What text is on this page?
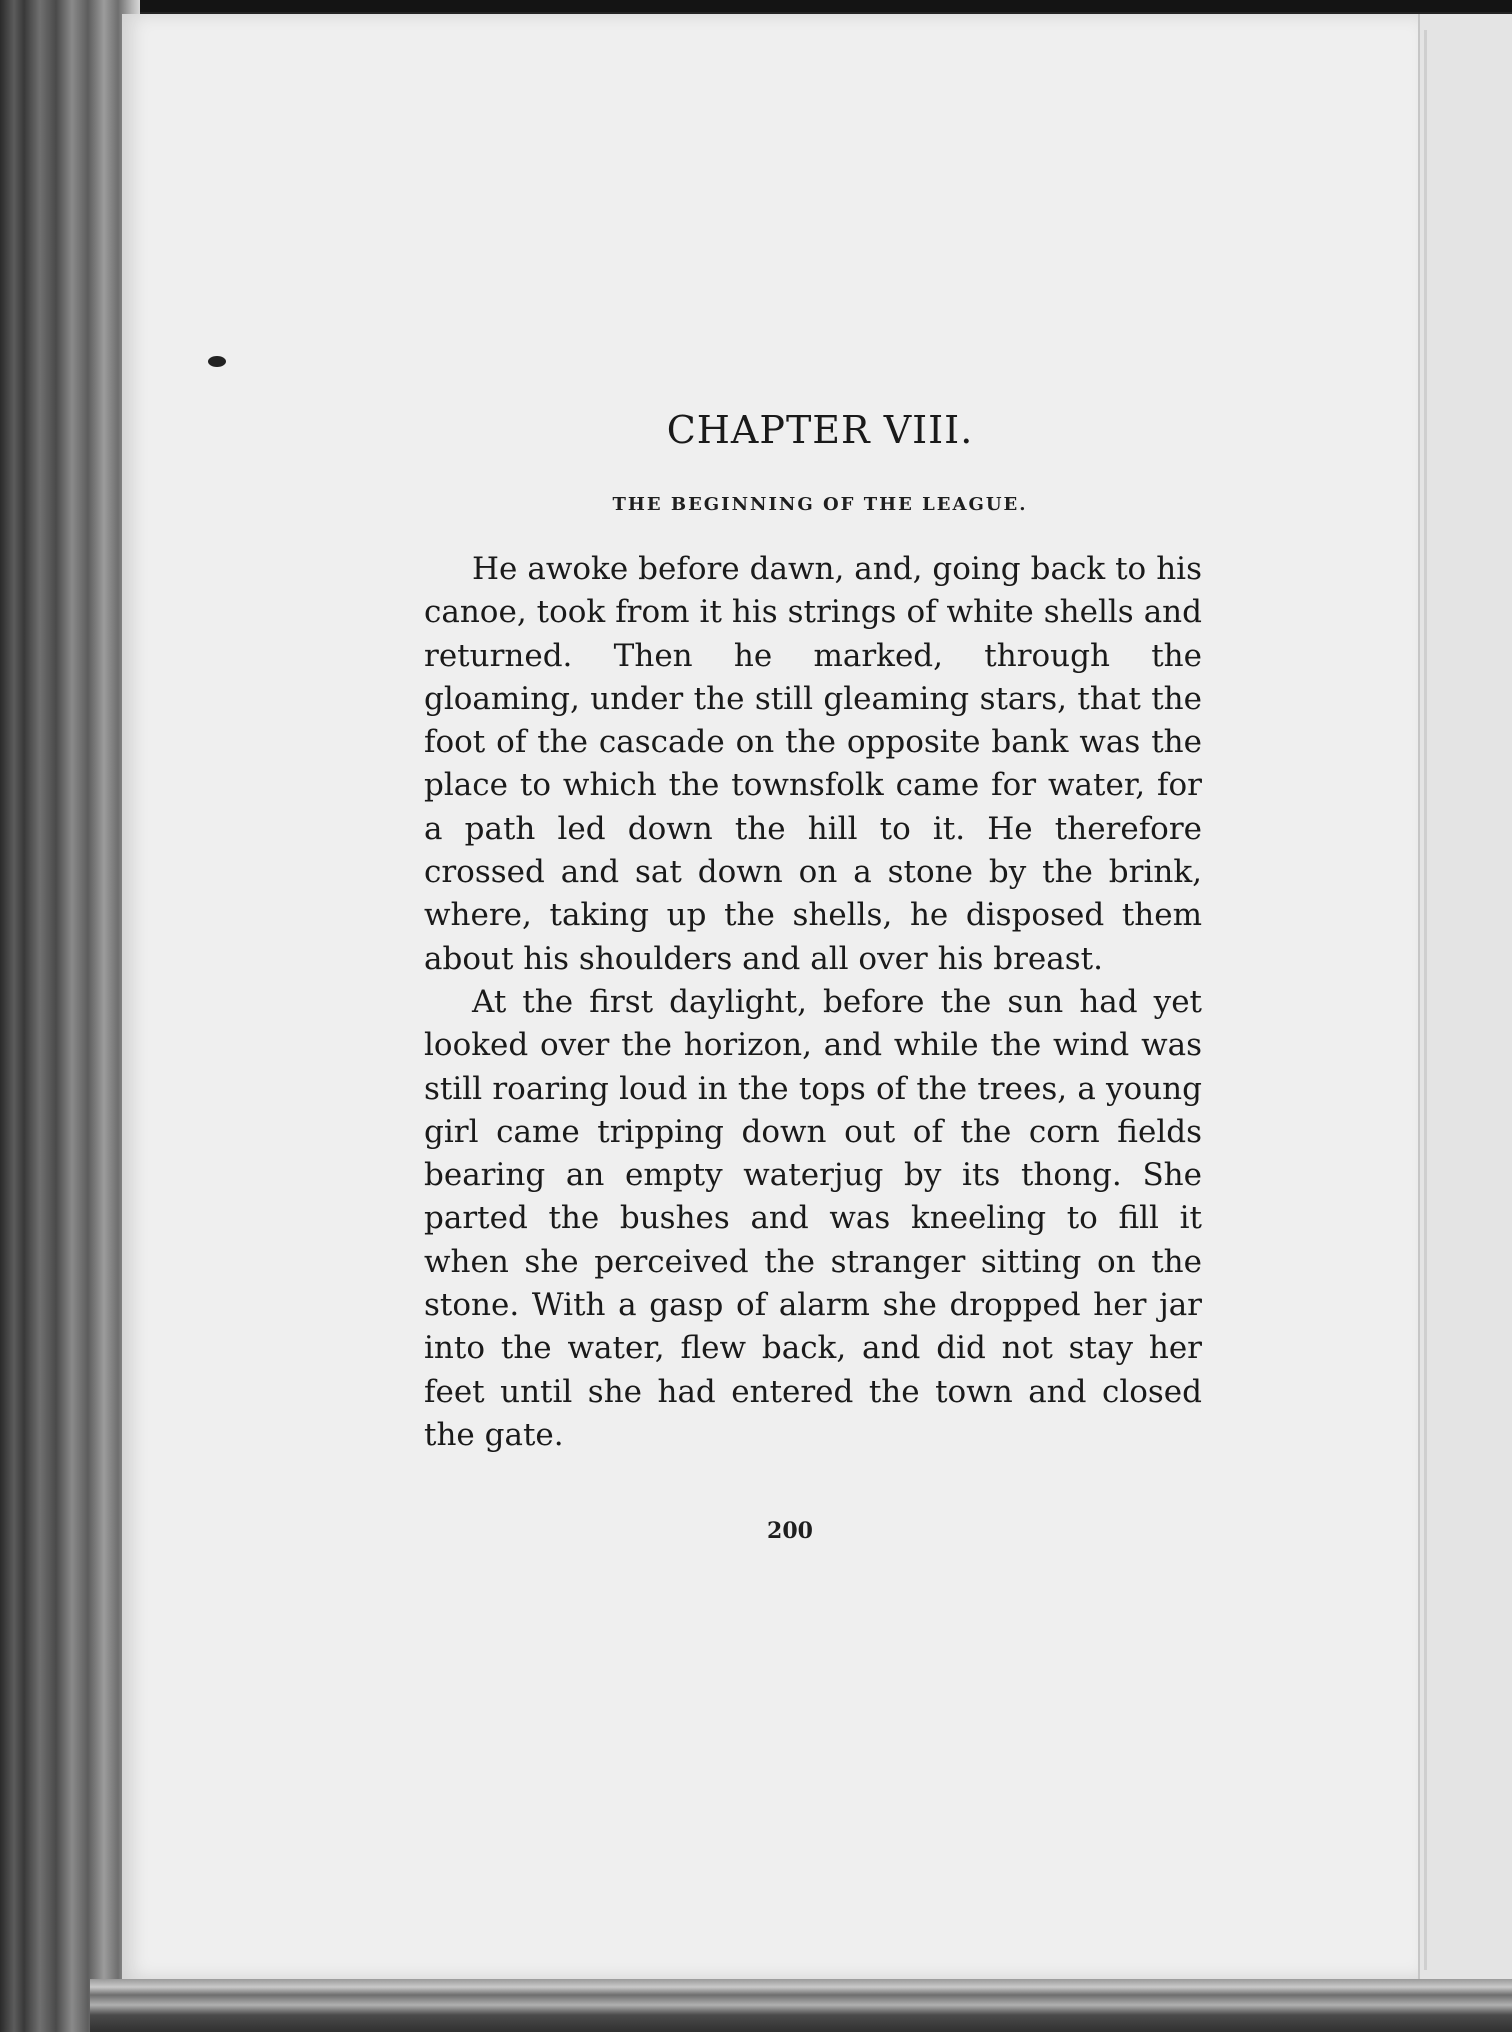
CHAPTER VIII.
THE BEGINNING OF THE LEAGUE.

He awoke before dawn, and, going back to his canoe, took from it his strings of white shells and returned. Then he marked, through the gloaming, under the still gleaming stars, that the foot of the cascade on the opposite bank was the place to which the townsfolk came for water, for a path led down the hill to it. He therefore crossed and sat down on a stone by the brink, where, taking up the shells, he disposed them about his shoulders and all over his breast.

At the first daylight, before the sun had yet looked over the horizon, and while the wind was still roaring loud in the tops of the trees, a young girl came tripping down out of the corn fields bearing an empty waterjug by its thong. She parted the bushes and was kneeling to fill it when she perceived the stranger sitting on the stone. With a gasp of alarm she dropped her jar into the water, flew back, and did not stay her feet until she had entered the town and closed the gate.

200
